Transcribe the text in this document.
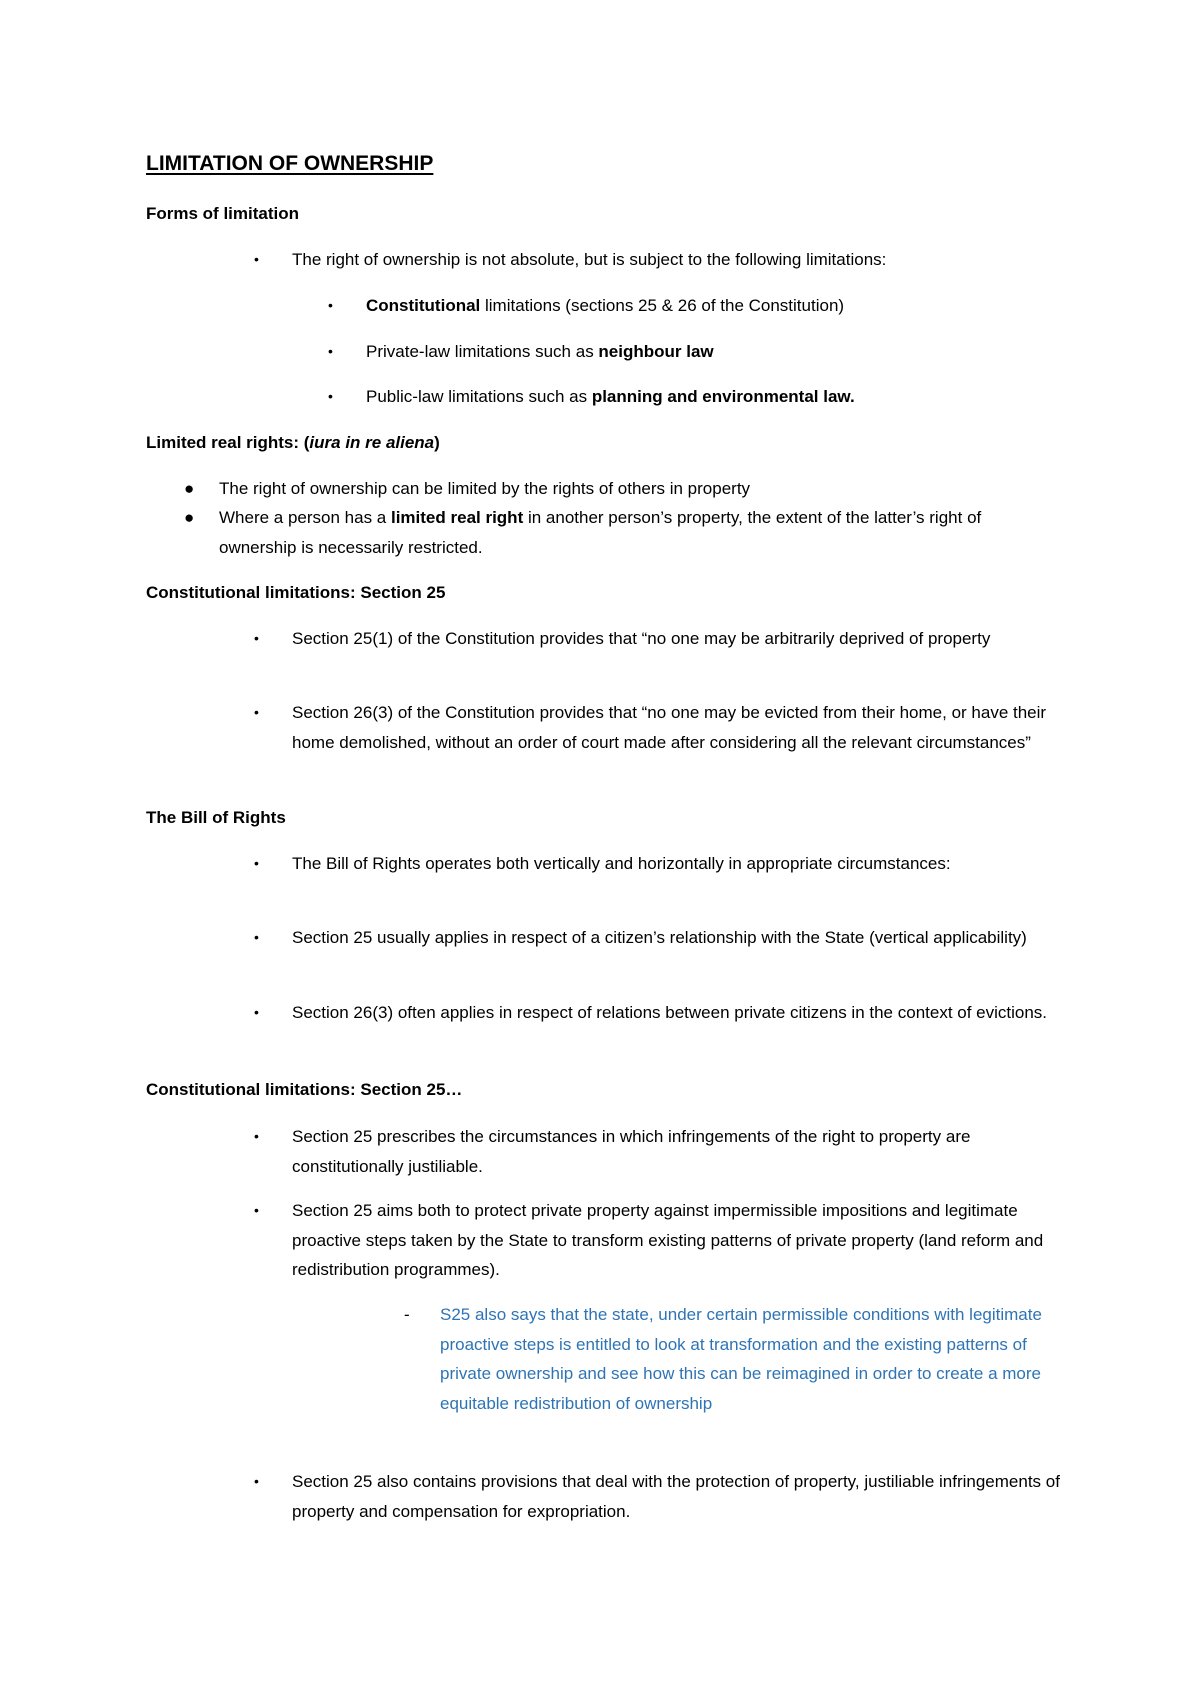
LIMITATION OF OWNERSHIP
Forms of limitation

• The right of ownership is not absolute, but is subject to the following limitations:

• Constitutional limitations (sections 25 & 26 of the Constitution)

• Private-law limitations such as neighbour law

• Public-law limitations such as planning and environmental law.

Limited real rights: (iura in re aliena)

● The right of ownership can be limited by the rights of others in property

● Where a person has a limited real right in another person’s property, the extent of the latter’s right of ownership is necessarily restricted.

Constitutional limitations: Section 25

• Section 25(1) of the Constitution provides that “no one may be arbitrarily deprived of property

• Section 26(3) of the Constitution provides that “no one may be evicted from their home, or have their home demolished, without an order of court made after considering all the relevant circumstances”

The Bill of Rights

• The Bill of Rights operates both vertically and horizontally in appropriate circumstances:

• Section 25 usually applies in respect of a citizen’s relationship with the State (vertical applicability)

• Section 26(3) often applies in respect of relations between private citizens in the context of evictions.

Constitutional limitations: Section 25…

• Section 25 prescribes the circumstances in which infringements of the right to property are constitutionally justiliable.

• Section 25 aims both to protect private property against impermissible impositions and legitimate proactive steps taken by the State to transform existing patterns of private property (land reform and redistribution programmes).

- S25 also says that the state, under certain permissible conditions with legitimate proactive steps is entitled to look at transformation and the existing patterns of private ownership and see how this can be reimagined in order to create a more equitable redistribution of ownership

• Section 25 also contains provisions that deal with the protection of property, justiliable infringements of property and compensation for expropriation.
